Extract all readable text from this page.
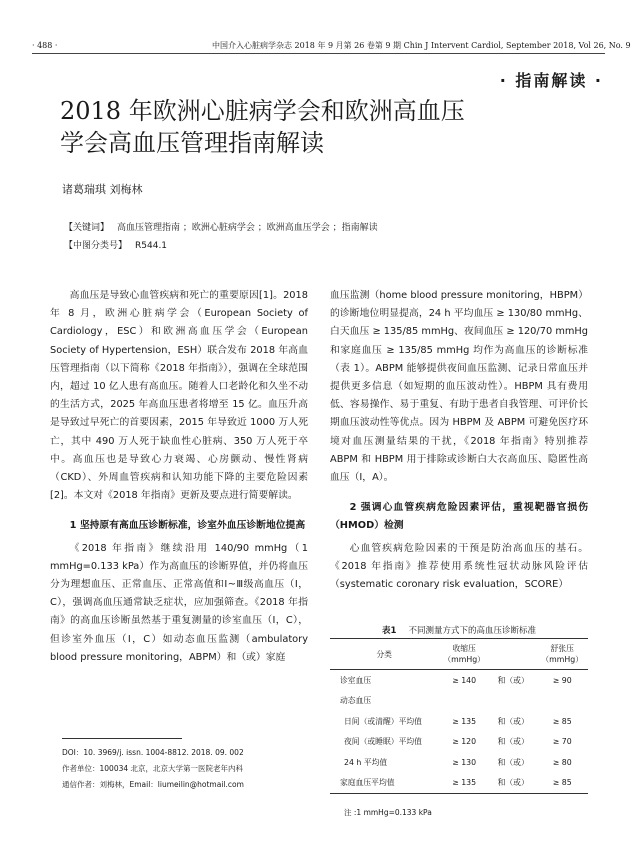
· 488 ·	中国介入心脏病学杂志 2018 年 9 月第 26 卷第 9 期 Chin J Intervent Cardiol, September 2018, Vol 26, No. 9
· 指南解读 ·
2018 年欧洲心脏病学会和欧洲高血压
学会高血压管理指南解读
诸葛瑞琪 刘梅林
【关键词】 高血压管理指南 ；欧洲心脏病学会 ；欧洲高血压学会 ；指南解读
【中图分类号】 R544.1

高血压是导致心血管疾病和死亡的重要原因[1]。2018 年 8 月，欧洲心脏病学会（European Society of Cardiology，ESC）和欧洲高血压学会（European Society of Hypertension，ESH）联合发布 2018 年高血压管理指南（以下简称《2018 年指南》），强调在全球范围内，超过 10 亿人患有高血压。随着人口老龄化和久坐不动的生活方式，2025 年高血压患者将增至 15 亿。血压升高是导致过早死亡的首要因素，2015 年导致近 1000 万人死亡，其中 490 万人死于缺血性心脏病、350 万人死于卒中。高血压也是导致心力衰竭、心房颤动、慢性肾病（CKD）、外周血管疾病和认知功能下降的主要危险因素[2]。本文对《2018 年指南》更新及要点进行简要解读。

1 坚持原有高血压诊断标准，诊室外血压诊断地位提高

《2018 年指南》继续沿用 140/90 mmHg（1 mmHg=0.133 kPa）作为高血压的诊断界值，并仍将血压分为理想血压、正常血压、正常高值和Ⅰ~Ⅲ级高血压（Ⅰ，C），强调高血压通常缺乏症状，应加强筛查。《2018 年指南》的高血压诊断虽然基于重复测量的诊室血压（Ⅰ，C），但诊室外血压（Ⅰ，C）如动态血压监测（ambulatory blood pressure monitoring，ABPM）和（或）家庭

DOI：10. 3969/j. issn. 1004-8812. 2018. 09. 002
作者单位：100034 北京，北京大学第一医院老年内科
通信作者：刘梅林，Email：liumeilin@hotmail.com

血压监测（home blood pressure monitoring，HBPM）的诊断地位明显提高，24 h 平均血压 ≥ 130/80 mmHg、白天血压 ≥ 135/85 mmHg、夜间血压 ≥ 120/70 mmHg 和家庭血压 ≥ 135/85 mmHg 均作为高血压的诊断标准（表 1）。ABPM 能够提供夜间血压监测、记录日常血压并提供更多信息（如短期的血压波动性）。HBPM 具有费用低、容易操作、易于重复、有助于患者自我管理、可评价长期血压波动性等优点。因为 HBPM 及 ABPM 可避免医疗环境对血压测量结果的干扰，《2018 年指南》特别推荐 ABPM 和 HBPM 用于排除或诊断白大衣高血压、隐匿性高血压（Ⅰ，A）。

2 强调心血管疾病危险因素评估，重视靶器官损伤（HMOD）检测

心血管疾病危险因素的干预是防治高血压的基石。《2018 年指南》推荐使用系统性冠状动脉风险评估（systematic coronary risk evaluation，SCORE）

表1 不同测量方式下的高血压诊断标准
分类	收缩压（mmHg）		舒张压（mmHg）
诊室血压	≥ 140	和（或）	≥ 90
动态血压			
日间（或清醒）平均值	≥ 135	和（或）	≥ 85
夜间（或睡眠）平均值	≥ 120	和（或）	≥ 70
24 h 平均值	≥ 130	和（或）	≥ 80
家庭血压平均值	≥ 135	和（或）	≥ 85
注 :1 mmHg=0.133 kPa
